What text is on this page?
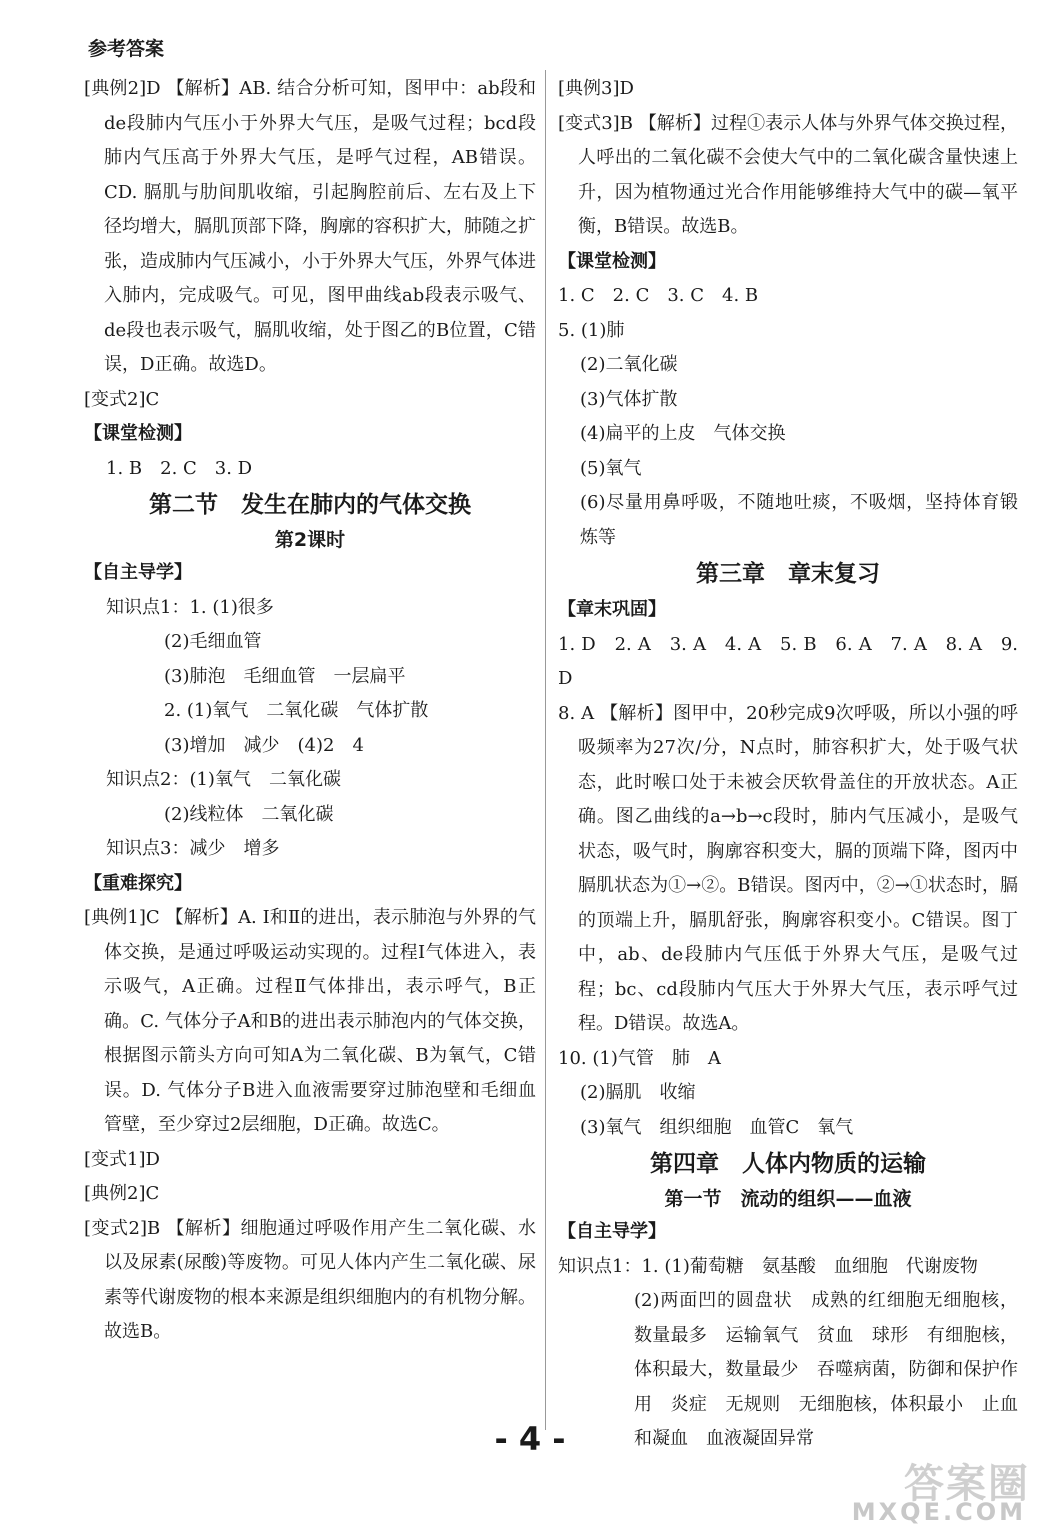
参考答案
[典例2]D 【解析】AB. 结合分析可知，图甲中：ab段和de段肺内气压小于外界大气压，是吸气过程；bcd段肺内气压高于外界大气压，是呼气过程，AB错误。CD. 膈肌与肋间肌收缩，引起胸腔前后、左右及上下径均增大，膈肌顶部下降，胸廓的容积扩大，肺随之扩张，造成肺内气压减小，小于外界大气压，外界气体进入肺内，完成吸气。可见，图甲曲线ab段表示吸气、de段也表示吸气，膈肌收缩，处于图乙的B位置，C错误，D正确。故选D。
[变式2]C
【课堂检测】
1. B　2. C　3. D
第二节　发生在肺内的气体交换
第2课时
【自主导学】
知识点1：1. (1)很多
(2)毛细血管
(3)肺泡　毛细血管　一层扁平
2. (1)氧气　二氧化碳　气体扩散
(3)增加　减少　(4)2　4
知识点2：(1)氧气　二氧化碳
(2)线粒体　二氧化碳
知识点3：减少　增多
【重难探究】
[典例1]C 【解析】A. Ⅰ和Ⅱ的进出，表示肺泡与外界的气体交换，是通过呼吸运动实现的。过程Ⅰ气体进入，表示吸气，A正确。过程Ⅱ气体排出，表示呼气，B正确。C. 气体分子A和B的进出表示肺泡内的气体交换，根据图示箭头方向可知A为二氧化碳、B为氧气，C错误。D. 气体分子B进入血液需要穿过肺泡壁和毛细血管壁，至少穿过2层细胞，D正确。故选C。
[变式1]D
[典例2]C
[变式2]B 【解析】细胞通过呼吸作用产生二氧化碳、水以及尿素(尿酸)等废物。可见人体内产生二氧化碳、尿素等代谢废物的根本来源是组织细胞内的有机物分解。故选B。
[典例3]D
[变式3]B 【解析】过程①表示人体与外界气体交换过程，人呼出的二氧化碳不会使大气中的二氧化碳含量快速上升，因为植物通过光合作用能够维持大气中的碳—氧平衡，B错误。故选B。
【课堂检测】
1. C　2. C　3. C　4. B
5. (1)肺
(2)二氧化碳
(3)气体扩散
(4)扁平的上皮　气体交换
(5)氧气
(6)尽量用鼻呼吸，不随地吐痰，不吸烟，坚持体育锻炼等
第三章　章末复习
【章末巩固】
1. D　2. A　3. A　4. A　5. B　6. A　7. A　8. A　9. D
8. A 【解析】图甲中，20秒完成9次呼吸，所以小强的呼吸频率为27次/分，N点时，肺容积扩大，处于吸气状态，此时喉口处于未被会厌软骨盖住的开放状态。A正确。图乙曲线的a→b→c段时，肺内气压减小，是吸气状态，吸气时，胸廓容积变大，膈的顶端下降，图丙中膈肌状态为①→②。B错误。图丙中，②→①状态时，膈的顶端上升，膈肌舒张，胸廓容积变小。C错误。图丁中，ab、de段肺内气压低于外界大气压，是吸气过程；bc、cd段肺内气压大于外界大气压，表示呼气过程。D错误。故选A。
10. (1)气管　肺　A
(2)膈肌　收缩
(3)氧气　组织细胞　血管C　氧气
第四章　人体内物质的运输
第一节　流动的组织——血液
【自主导学】
知识点1：1. (1)葡萄糖　氨基酸　血细胞　代谢废物
(2)两面凹的圆盘状　成熟的红细胞无细胞核，数量最多　运输氧气　贫血　球形　有细胞核，体积最大，数量最少　吞噬病菌，防御和保护作用　炎症　无规则　无细胞核，体积最小　止血和凝血　血液凝固异常
- 4 -
答案圈
MXQE.COM
